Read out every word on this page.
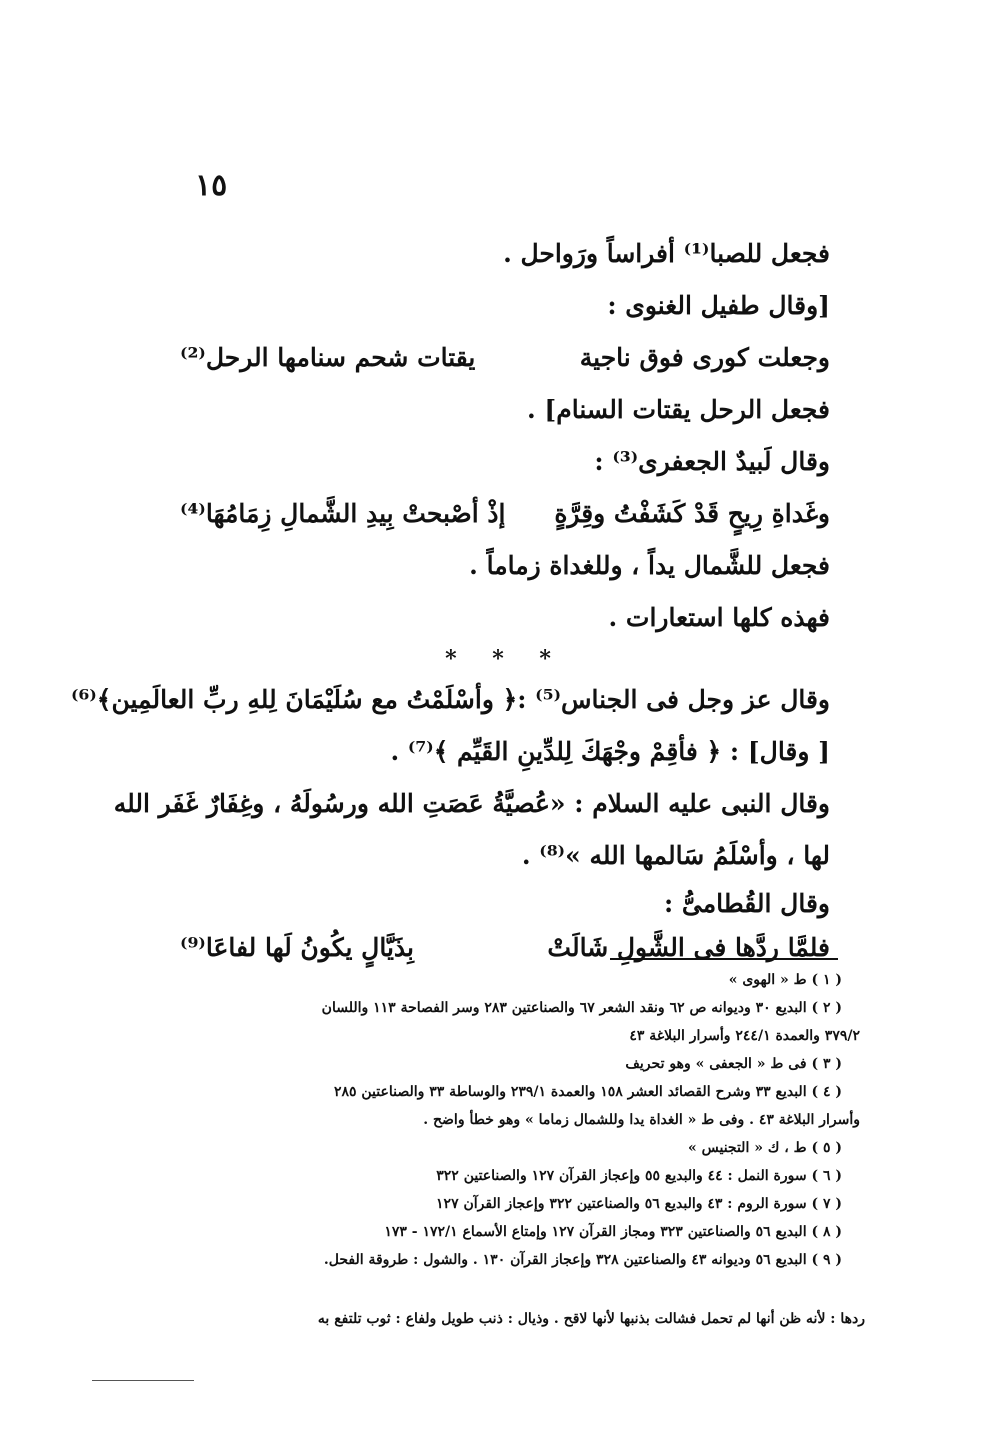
١٥
فجعل للصبا⁽¹⁾ أفراساً ورَواحل .
[وقال طفيل الغنوى :
وجعلت كورى فوق ناجية
يقتات شحم سنامها الرحل⁽²⁾
فجعل الرحل يقتات السنام] .
وقال لَبيدٌ الجعفرى⁽³⁾ :
وغَداةِ رِيحٍ قَدْ كَشَفْتُ وقِرَّةٍ
إذْ أصْبحتْ بِيدِ الشَّمالِ زِمَامُهَا⁽⁴⁾
فجعل للشَّمال يداً ، وللغداة زماماً .
فهذه كلها استعارات .
* * *
وقال عز وجل فى الجناس⁽⁵⁾ :﴿ وأسْلَمْتُ مع سُلَيْمَانَ لِلهِ ربِّ العالَمِين﴾⁽⁶⁾
[ وقال] : ﴿ فأقِمْ وجْهَكَ لِلدِّينِ القَيِّم ﴾⁽⁷⁾ .
وقال النبى عليه السلام : «عُصيَّةُ عَصَتِ الله ورسُولَهُ ، وغِفَارٌ غَفَر الله
لها ، وأسْلَمُ سَالمها الله »⁽⁸⁾ .
وقال القُطامىُّ :
فلمَّا ردَّها فى الشَّولِ شَالَتْ
بِذَيَّالٍ يكُونُ لَها لفاعَا⁽⁹⁾
( ١ ) ط « الهوى »
( ٢ ) البديع ٣٠ وديوانه ص ٦٢ ونقد الشعر ٦٧ والصناعتين ٢٨٣ وسر الفصاحة ١١٣ واللسان
٣٧٩/٢ والعمدة ٢٤٤/١ وأسرار البلاغة ٤٣
( ٣ ) فى ط « الجعفى » وهو تحريف
( ٤ ) البديع ٣٣ وشرح القصائد العشر ١٥٨ والعمدة ٢٣٩/١ والوساطة ٣٣ والصناعتين ٢٨٥
وأسرار البلاغة ٤٣ . وفى ط « الغداة يدا وللشمال زماما » وهو خطأ واضح .
( ٥ ) ط ، ك « التجنيس »
( ٦ ) سورة النمل : ٤٤ والبديع ٥٥ وإعجاز القرآن ١٢٧ والصناعتين ٣٢٢
( ٧ ) سورة الروم : ٤٣ والبديع ٥٦ والصناعتين ٣٢٢ وإعجاز القرآن ١٢٧
( ٨ ) البديع ٥٦ والصناعتين ٣٢٣ ومجاز القرآن ١٢٧ وإمتاع الأسماع ١٧٢/١ - ١٧٣
( ٩ ) البديع ٥٦ وديوانه ٤٣ والصناعتين ٣٢٨ وإعجاز القرآن ١٣٠ . والشول : طروقة الفحل.
ردها : لأنه ظن أنها لم تحمل فشالت بذنبها لأنها لاقح . وذيال : ذنب طويل ولفاع : ثوب تلتفع به
